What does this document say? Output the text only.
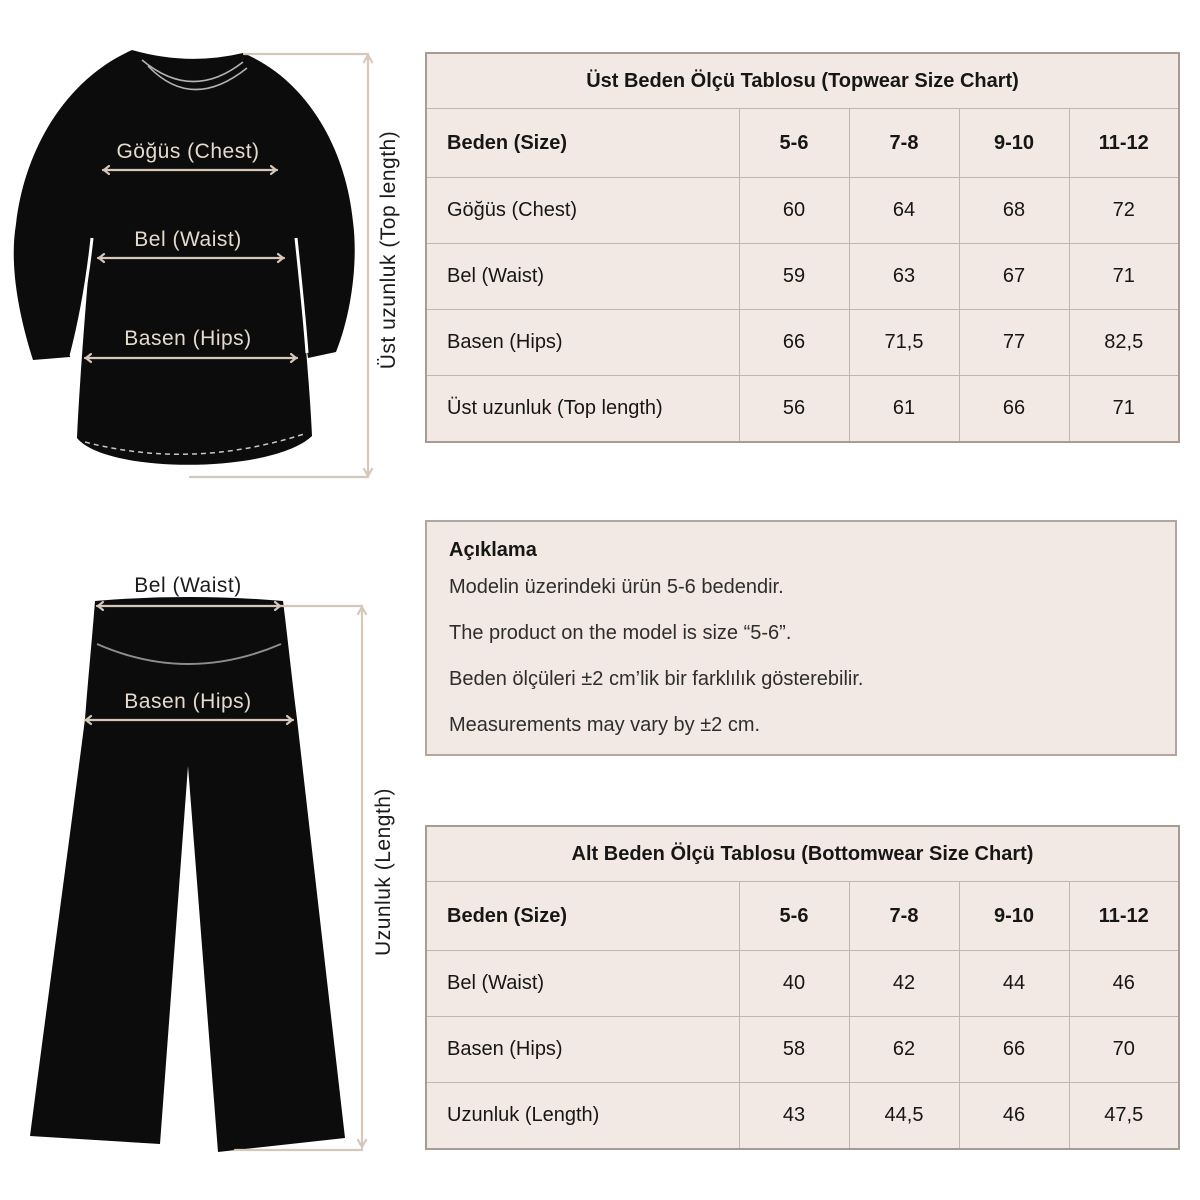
Göğüs (Chest)
Bel (Waist)
Basen (Hips)	Üst uzunluk (Top length)
Bel (Waist)
Basen (Hips)
Uzunluk (Length)
Üst Beden Ölçü Tablosu (Topwear Size Chart)				
Beden (Size)	5-6	7-8	9-10	11-12
Göğüs (Chest)	60	64	68	72
Bel (Waist)	59	63	67	71
Basen (Hips)	66	71,5	77	82,5
Üst uzunluk (Top length)	56	61	66	71
Açıklama

Modelin üzerindeki ürün 5-6 bedendir.

The product on the model is size “5-6”.

Beden ölçüleri ±2 cm’lik bir farklılık gösterebilir.

Measurements may vary by ±2 cm.

Alt Beden Ölçü Tablosu (Bottomwear Size Chart)				
Beden (Size)	5-6	7-8	9-10	11-12
Bel (Waist)	40	42	44	46
Basen (Hips)	58	62	66	70
Uzunluk (Length)	43	44,5	46	47,5
